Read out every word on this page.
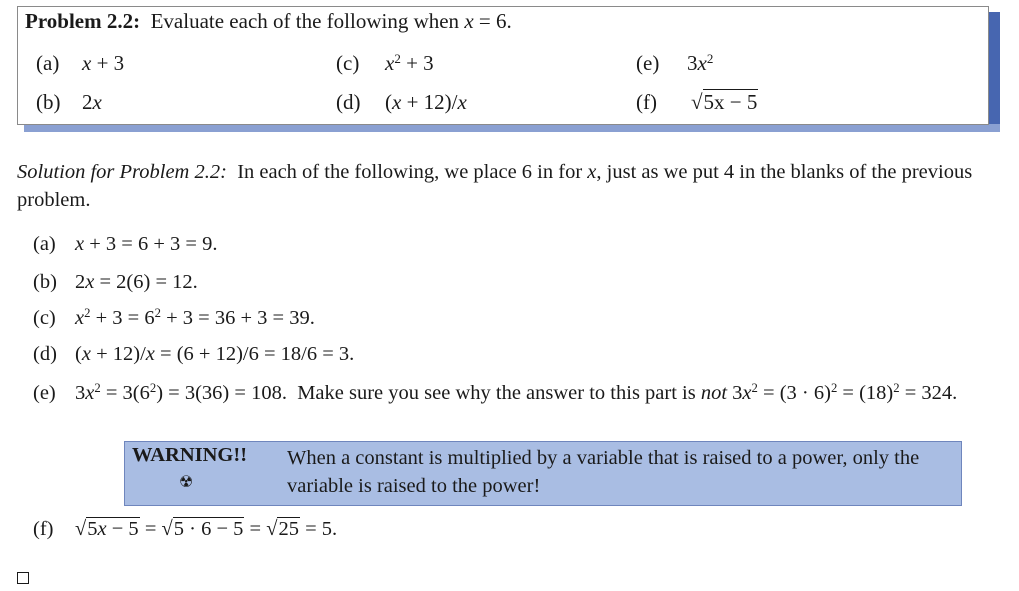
Problem 2.2: Evaluate each of the following when x = 6.
(a) x + 3
(b) 2x
(c) $x^2 + 3$
(d) (x + 12)/x
(e) $3x^2$
(f) √5x − 5
Solution for Problem 2.2: In each of the following, we place 6 in for x, just as we put 4 in the blanks of the previous problem.
(a) x + 3 = 6 + 3 = 9.
(b) 2x = 2(6) = 12.
(c) $x^2 + 3 = 6^2 + 3 = 36 + 3 = 39$.
(d) (x + 12)/x = (6 + 12)/6 = 18/6 = 3.
(e) $3x^2 = 3(6^2) = 3(36) = 108$.  Make sure you see why the answer to this part is not $3x^2 = (3 \cdot 6)^2 = (18)^2 = 324$.
WARNING!!
☢
When a constant is multiplied by a variable that is raised to a power, only the variable is raised to the power!
(f) √5x − 5 = √5 · 6 − 5 = √25 = 5.
